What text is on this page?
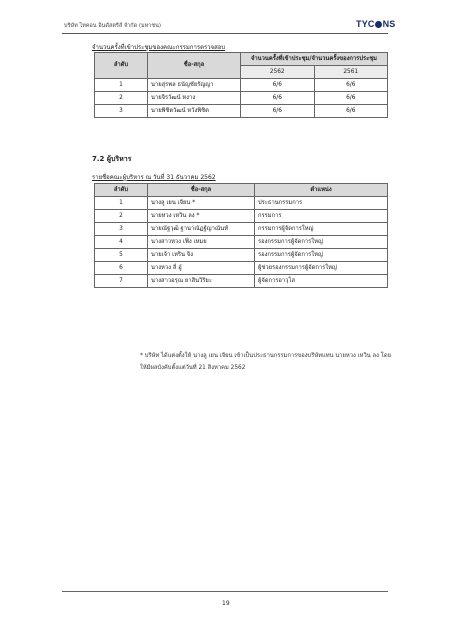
บริษัท ไทคอน อินดัสตรีส์ จำกัด (มหาชน)	TYC NS
จำนวนครั้งที่เข้าประชุมของคณะกรรมการตรวจสอบ
ลำดับ	ชื่อ-สกุล	จำนวนครั้งที่เข้าประชุม/จำนวนครั้งของการประชุม	
		2562	2561
1	นายสุรพล ธนัญชัยรัญญา	6/6	6/6
2	นายจิรวัฒน์ หงาง	6/6	6/6
3	นายพิชิตวัฒน์ หวังพิชิต	6/6	6/6
7.2 ผู้บริหาร
รายชื่อคณะผู้บริหาร ณ วันที่ 31 ธันวาคม 2562
ลำดับ	ชื่อ-สกุล	ตำแหน่ง
1	นางลู เยน เจียน *	ประธานกรรมการ
2	นายหวง เหวิน ลง *	กรรมการ
3	นายณัฐวุฒิ ฐานาณัฏฐ์ญาณันท์	กรรมการผู้จัดการใหญ่
4	นางสาวหวง เฟิ่ง เหมย	รองกรรมการผู้จัดการใหญ่
5	นายเจ้า เหริน จิง	รองกรรมการผู้จัดการใหญ่
6	นางหวง ลี่ อู๋	ผู้ช่วยรองกรรมการผู้จัดการใหญ่
7	นางสาวอรุณ ยาสินวิริยะ	ผู้จัดการอาวุโส
* บริษัท ได้แต่งตั้งให้ นางลู เยน เจียน เข้าเป็นประธานกรรมการของบริษัทแทน นายหวง เหวิน ลง โดยให้มีผลบังคับตั้งแต่วันที่ 21 สิงหาคม 2562
19
